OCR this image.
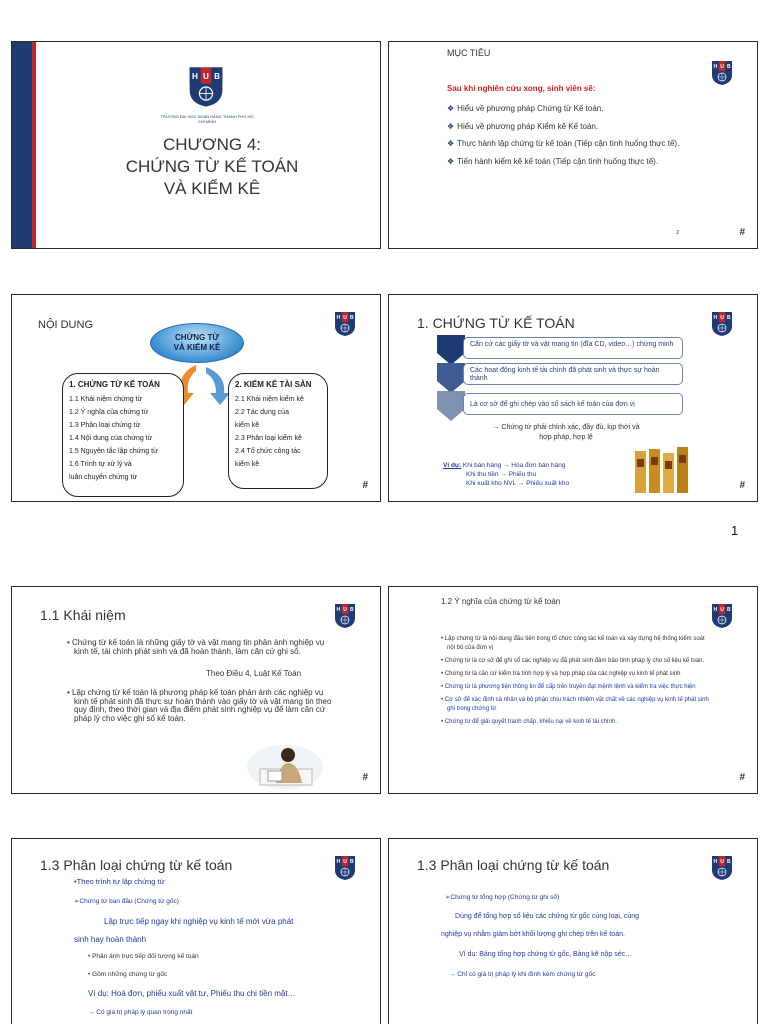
TRƯỜNG ĐẠI HỌC NGÂN HÀNG THÀNH PHỐ HỒ CHÍ MINH
CHƯƠNG 4:
CHỨNG TỪ KẾ TOÁN
VÀ KIỂM KÊ
MỤC TIÊU
Sau khi nghiên cứu xong, sinh viên sẽ:
❖ Hiểu về phương pháp Chứng từ Kế toán.
❖ Hiểu về phương pháp Kiểm kê Kế toán.
❖ Thực hành lập chứng từ kế toán (Tiếp cận tình huống thực tế).
❖ Tiến hành kiểm kê kế toán (Tiếp cận tình huống thực tế).
2	#
NỘI DUNG
CHỨNG TỪ
VÀ KIỂM KÊ
1. CHỨNG TỪ KẾ TOÁN
1.1 Khái niệm chứng từ
1.2 Ý nghĩa của chứng từ
1.3 Phân loại chứng từ
1.4 Nội dung của chứng từ
1.5 Nguyên tắc lập chứng từ
1.6 Trình tự xử lý và
luân chuyển chứng từ
2. KIỂM KÊ TÀI SẢN
2.1 Khái niệm kiểm kê
2.2 Tác dụng của
kiểm kê
2.3 Phân loại kiểm kê
2.4 Tổ chức công tác
kiểm kê
#
1. CHỨNG TỪ KẾ TOÁN
Căn cứ các giấy tờ và vật mang tin (đĩa CD, video…) chứng minh
Các hoạt động kinh tế tài chính đã phát sinh và thực sự hoàn thành
Là cơ sở để ghi chép vào sổ sách kế toán của đơn vị
→ Chứng từ phải chính xác, đầy đủ, kịp thời và
hợp pháp, hợp lệ
Ví dụ: Khi bán hàng → Hóa đơn bán hàng
Khi thu tiền → Phiếu thu
Khi xuất kho NVL → Phiếu xuất kho	#
1
1.1 Khái niệm
• Chứng từ kế toán là những giấy tờ và vật mang tin phản ánh nghiệp vụ kinh tế, tài chính phát sinh và đã hoàn thành, làm căn cứ ghi sổ.
Theo Điều 4, Luật Kế Toán
• Lập chứng từ kế toán là phương pháp kế toán phản ánh các nghiệp vụ kinh tế phát sinh đã thực sự hoàn thành vào giấy tờ và vật mang tin theo quy định, theo thời gian và địa điểm phát sinh nghiệp vụ để làm căn cứ pháp lý cho việc ghi sổ kế toán.
#
1.2 Ý nghĩa của chứng từ kế toán
• Lập chứng từ là nội dung đầu tiên trong tổ chức công tác kế toán và xây dựng hệ thống kiểm soát nội bộ của đơn vị
• Chứng từ là cơ sở để ghi sổ các nghiệp vụ đã phát sinh đảm bảo tính pháp lý cho số liệu kế toán.
• Chứng từ là căn cứ kiểm tra tính hợp lý và hợp pháp của các nghiệp vụ kinh tế phát sinh
• Chứng từ là phương tiện thông tin để cấp trên truyền đạt mệnh lệnh và kiểm tra việc thực hiện
• Cơ sở để xác định cá nhân và bộ phận chịu trách nhiệm vật chất về các nghiệp vụ kinh tế phát sinh ghi trong chứng từ
• Chứng từ để giải quyết tranh chấp, khiếu nại về kinh tế tài chính.
#
1.3 Phân loại chứng từ kế toán
•Theo trình tự lập chứng từ
➢Chứng từ ban đầu (Chứng từ gốc)
Lập trực tiếp ngay khi nghiệp vụ kinh tế mới vừa phát
sinh hay hoàn thành
• Phản ánh trực tiếp đối tượng kế toán
• Gồm những chứng từ gốc
Ví dụ: Hoá đơn, phiếu xuất vật tư, Phiếu thu chi tiền mặt…
→ Có giá trị pháp lý quan trọng nhất
1.3 Phân loại chứng từ kế toán
➢Chứng từ tổng hợp (Chứng từ ghi sổ)
Dùng để tổng hợp số liệu các chứng từ gốc cùng loại, cùng
nghiệp vụ nhằm giảm bớt khối lượng ghi chép trên kế toán.
Ví dụ: Bảng tổng hợp chứng từ gốc, Bảng kê nộp séc…
→ Chỉ có giá trị pháp lý khi đính kèm chứng từ gốc
